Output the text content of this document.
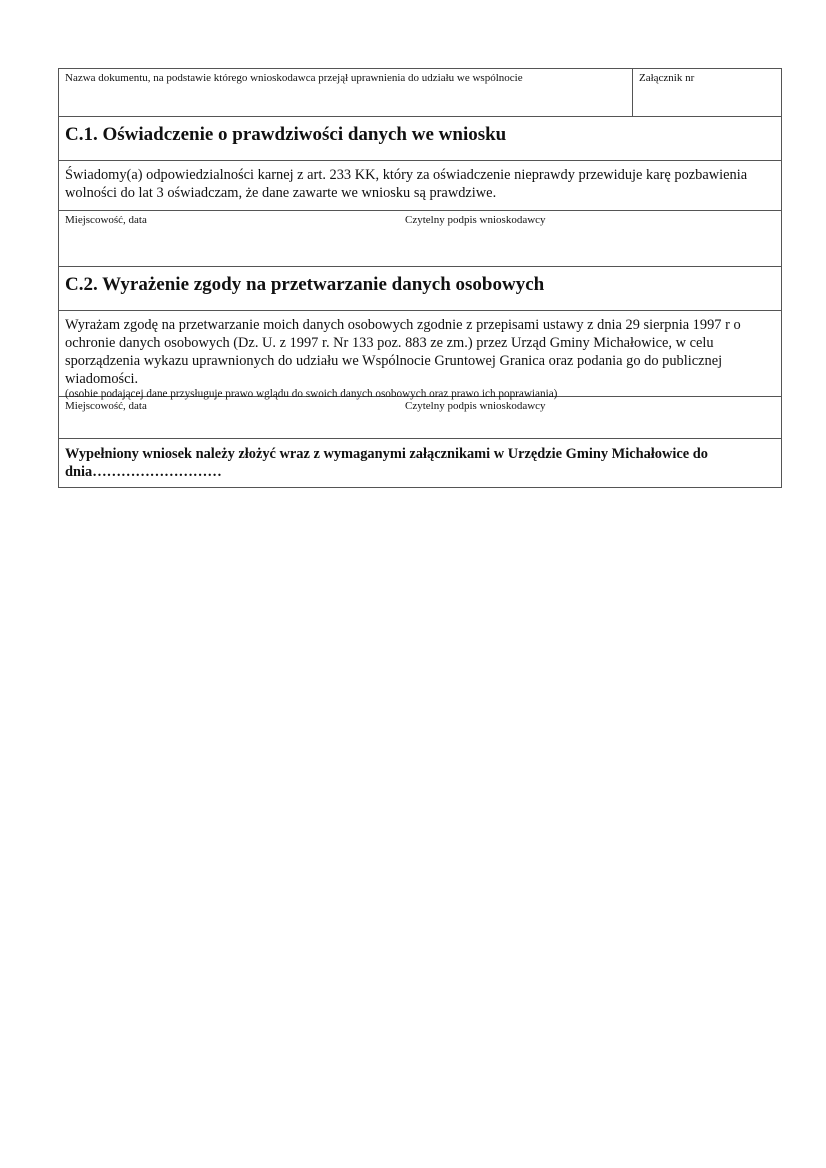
Nazwa dokumentu, na podstawie którego wnioskodawca przejął uprawnienia do udziału we wspólnocie	Załącznik nr
C.1. Oświadczenie o prawdziwości danych we wniosku
Świadomy(a) odpowiedzialności karnej z art. 233 KK, który za oświadczenie nieprawdy przewiduje karę pozbawienia wolności do lat 3 oświadczam, że dane zawarte we wniosku są prawdziwe.
Miejscowość, data	Czytelny podpis wnioskodawcy
C.2. Wyrażenie zgody na przetwarzanie danych osobowych
Wyrażam zgodę na przetwarzanie moich danych osobowych zgodnie z przepisami ustawy z dnia 29 sierpnia 1997 r o ochronie danych osobowych (Dz. U. z 1997 r. Nr 133 poz. 883 ze zm.) przez Urząd Gminy Michałowice, w celu sporządzenia wykazu uprawnionych do udziału we Wspólnocie Gruntowej Granica oraz podania go do publicznej wiadomości.
(osobie podającej dane przysługuje prawo wglądu do swoich danych osobowych oraz prawo ich poprawiania)
Miejscowość, data	Czytelny podpis wnioskodawcy
Wypełniony wniosek należy złożyć wraz z wymaganymi załącznikami w Urzędzie Gminy Michałowice do dnia………………………
